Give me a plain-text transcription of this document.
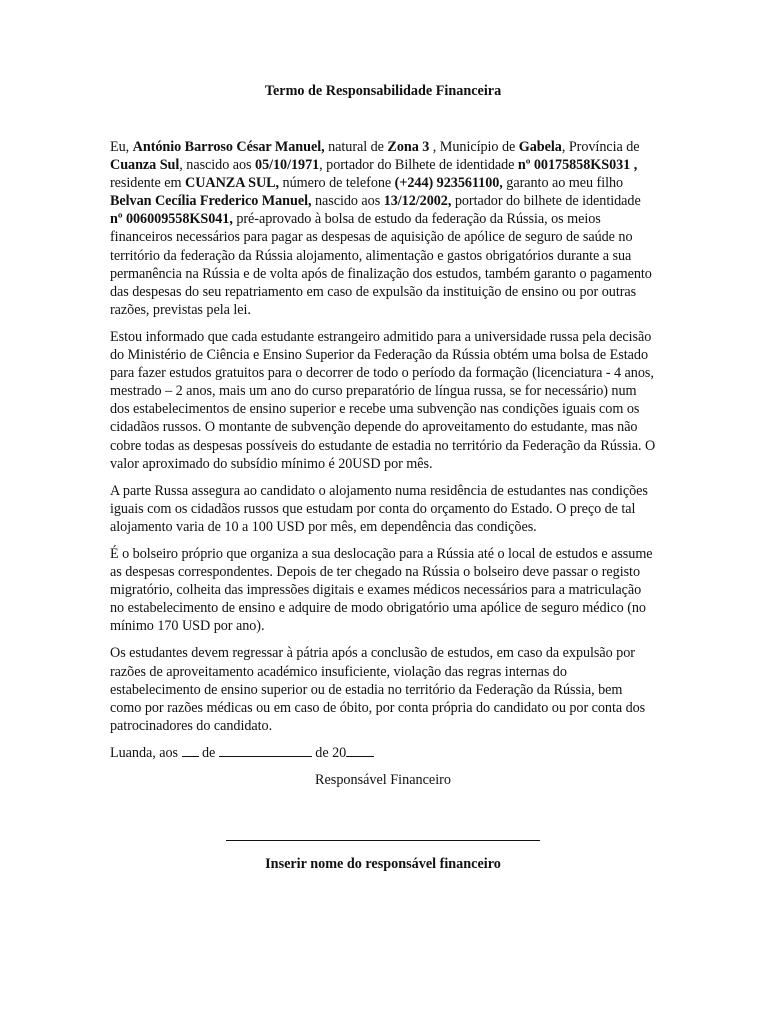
Termo de Responsabilidade Financeira

Eu, António Barroso César Manuel, natural de Zona 3 , Município de Gabela, Província de Cuanza Sul, nascido aos 05/10/1971, portador do Bilhete de identidade nº 00175858KS031 , residente em CUANZA SUL, número de telefone (+244) 923561100, garanto ao meu filho Belvan Cecília Frederico Manuel, nascido aos 13/12/2002, portador do bilhete de identidade nº 006009558KS041, pré-aprovado à bolsa de estudo da federação da Rússia, os meios financeiros necessários para pagar as despesas de aquisição de apólice de seguro de saúde no território da federação da Rússia alojamento, alimentação e gastos obrigatórios durante a sua permanência na Rússia e de volta após de finalização dos estudos, também garanto o pagamento das despesas do seu repatriamento em caso de expulsão da instituição de ensino ou por outras razões, previstas pela lei.

Estou informado que cada estudante estrangeiro admitido para a universidade russa pela decisão do Ministério de Ciência e Ensino Superior da Federação da Rússia obtém uma bolsa de Estado para fazer estudos gratuitos para o decorrer de todo o período da formação (licenciatura - 4 anos, mestrado – 2 anos, mais um ano do curso preparatório de língua russa, se for necessário) num dos estabelecimentos de ensino superior e recebe uma subvenção nas condições iguais com os cidadãos russos. O montante de subvenção depende do aproveitamento do estudante, mas não cobre todas as despesas possíveis do estudante de estadia no território da Federação da Rússia. O valor aproximado do subsídio mínimo é 20USD por mês.

A parte Russa assegura ao candidato o alojamento numa residência de estudantes nas condições iguais com os cidadãos russos que estudam por conta do orçamento do Estado. O preço de tal alojamento varia de 10 a 100 USD por mês, em dependência das condições.

É o bolseiro próprio que organiza a sua deslocação para a Rússia até o local de estudos e assume as despesas correspondentes. Depois de ter chegado na Rússia o bolseiro deve passar o registo migratório, colheita das impressões digitais e exames médicos necessários para a matriculação no estabelecimento de ensino e adquire de modo obrigatório uma apólice de seguro médico (no mínimo 170 USD por ano).

Os estudantes devem regressar à pátria após a conclusão de estudos, em caso da expulsão por razões de aproveitamento académico insuficiente, violação das regras internas do estabelecimento de ensino superior ou de estadia no território da Federação da Rússia, bem como por razões médicas ou em caso de óbito, por conta própria do candidato ou por conta dos patrocinadores do candidato.

Luanda, aos de	de 20

Responsável Financeiro

Inserir nome do responsável financeiro
